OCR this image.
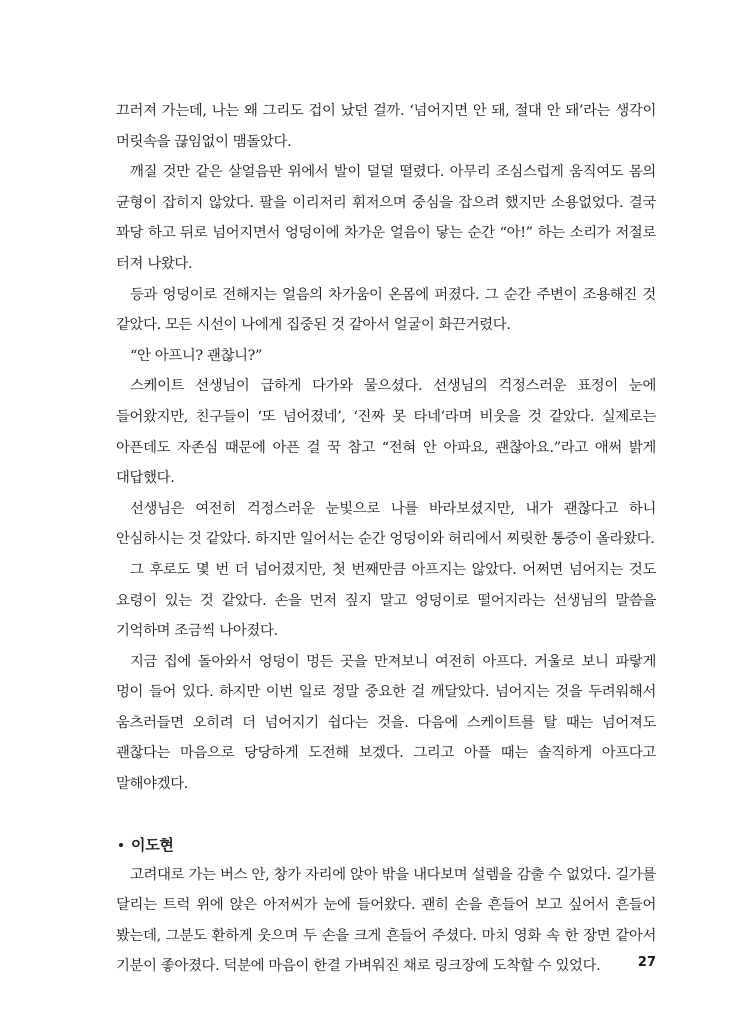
끄러져 가는데, 나는 왜 그리도 겁이 났던 걸까. ‘넘어지면 안 돼, 절대 안 돼’라는 생각이 머릿속을 끊임없이 맴돌았다.

깨질 것만 같은 살얼음판 위에서 발이 덜덜 떨렸다. 아무리 조심스럽게 움직여도 몸의 균형이 잡히지 않았다. 팔을 이리저리 휘저으며 중심을 잡으려 했지만 소용없었다. 결국 꽈당 하고 뒤로 넘어지면서 엉덩이에 차가운 얼음이 닿는 순간 “아!” 하는 소리가 저절로 터져 나왔다.

등과 엉덩이로 전해지는 얼음의 차가움이 온몸에 퍼졌다. 그 순간 주변이 조용해진 것 같았다. 모든 시선이 나에게 집중된 것 같아서 얼굴이 화끈거렸다.

“안 아프니? 괜찮니?”

스케이트 선생님이 급하게 다가와 물으셨다. 선생님의 걱정스러운 표정이 눈에 들어왔지만, 친구들이 ‘또 넘어졌네’, ‘진짜 못 타네’라며 비웃을 것 같았다. 실제로는 아픈데도 자존심 때문에 아픈 걸 꾹 참고 “전혀 안 아파요, 괜찮아요.”라고 애써 밝게 대답했다.

선생님은 여전히 걱정스러운 눈빛으로 나를 바라보셨지만, 내가 괜찮다고 하니 안심하시는 것 같았다. 하지만 일어서는 순간 엉덩이와 허리에서 찌릿한 통증이 올라왔다.

그 후로도 몇 번 더 넘어졌지만, 첫 번째만큼 아프지는 않았다. 어쩌면 넘어지는 것도 요령이 있는 것 같았다. 손을 먼저 짚지 말고 엉덩이로 떨어지라는 선생님의 말씀을 기억하며 조금씩 나아졌다.

지금 집에 돌아와서 엉덩이 멍든 곳을 만져보니 여전히 아프다. 거울로 보니 파랗게 멍이 들어 있다. 하지만 이번 일로 정말 중요한 걸 깨달았다. 넘어지는 것을 두려워해서 움츠러들면 오히려 더 넘어지기 쉽다는 것을. 다음에 스케이트를 탈 때는 넘어져도 괜찮다는 마음으로 당당하게 도전해 보겠다. 그리고 아플 때는 솔직하게 아프다고 말해야겠다.

이도현

고려대로 가는 버스 안, 창가 자리에 앉아 밖을 내다보며 설렘을 감출 수 없었다. 길가를 달리는 트럭 위에 앉은 아저씨가 눈에 들어왔다. 괜히 손을 흔들어 보고 싶어서 흔들어 봤는데, 그분도 환하게 웃으며 두 손을 크게 흔들어 주셨다. 마치 영화 속 한 장면 같아서 기분이 좋아졌다. 덕분에 마음이 한결 가벼워진 채로 링크장에 도착할 수 있었다.	27
